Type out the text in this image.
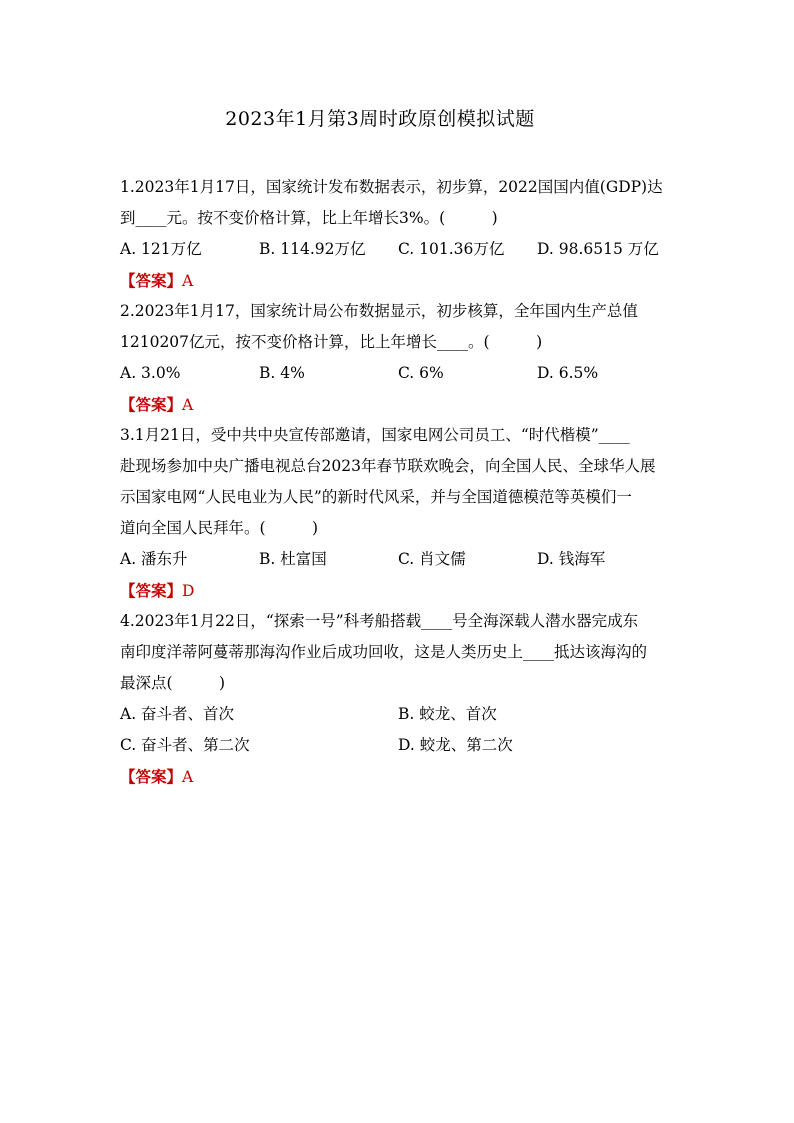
2023年1月第3周时政原创模拟试题
1.2023年1月17日，国家统计发布数据表示，初步算，2022国国内值(GDP)达
到____元。按不变价格计算，比上年增长3%。(　　　)
A. 121万亿	B. 114.92万亿	C. 101.36万亿	D. 98.6515 万亿
【答案】A
2.2023年1月17，国家统计局公布数据显示，初步核算，全年国内生产总值
1210207亿元，按不变价格计算，比上年增长____。(　　　)
A. 3.0%	B. 4%	C. 6%	D. 6.5%
【答案】A
3.1月21日，受中共中央宣传部邀请，国家电网公司员工、“时代楷模”____
赴现场参加中央广播电视总台2023年春节联欢晚会，向全国人民、全球华人展
示国家电网“人民电业为人民”的新时代风采，并与全国道德模范等英模们一
道向全国人民拜年。(　　　)
A. 潘东升	B. 杜富国	C. 肖文儒	D. 钱海军
【答案】D
4.2023年1月22日，“探索一号”科考船搭载____号全海深载人潜水器完成东
南印度洋蒂阿蔓蒂那海沟作业后成功回收，这是人类历史上____抵达该海沟的
最深点(　　　)
A. 奋斗者、首次	B. 蛟龙、首次
C. 奋斗者、第二次	D. 蛟龙、第二次
【答案】A
